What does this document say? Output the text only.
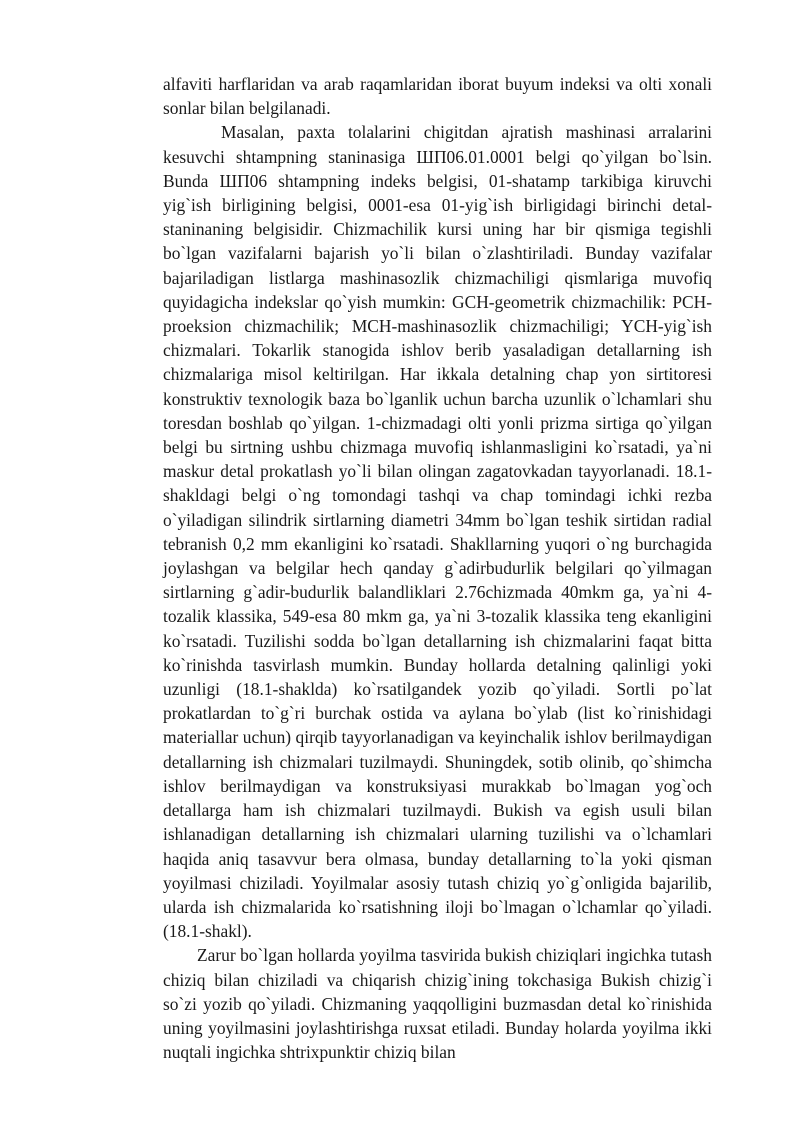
alfaviti harflaridan va arab raqamlaridan iborat buyum indeksi va olti xonali sonlar bilan belgilanadi.

Masalan, paxta tolalarini chigitdan ajratish mashinasi arralarini kesuvchi shtampning staninasiga ШП06.01.0001 belgi qo`yilgan bo`lsin. Bunda ШП06 shtampning indeks belgisi, 01-shatamp tarkibiga kiruvchi yig`ish birligining belgisi, 0001-esa 01-yig`ish birligidagi birinchi detal-staninaning belgisidir. Chizmachilik kursi uning har bir qismiga tegishli bo`lgan vazifalarni bajarish yo`li bilan o`zlashtiriladi. Bunday vazifalar bajariladigan listlarga mashinasozlik chizmachiligi qismlariga muvofiq quyidagicha indekslar qo`yish mumkin: GCH-geometrik chizmachilik: PCH-proeksion chizmachilik; MCH-mashinasozlik chizmachiligi; YCH-yig`ish chizmalari. Tokarlik stanogida ishlov berib yasaladigan detallarning ish chizmalariga misol keltirilgan. Har ikkala detalning chap yon sirtitoresi konstruktiv texnologik baza bo`lganlik uchun barcha uzunlik o`lchamlari shu toresdan boshlab qo`yilgan. 1-chizmadagi olti yonli prizma sirtiga qo`yilgan belgi bu sirtning ushbu chizmaga muvofiq ishlanmasligini ko`rsatadi, ya`ni maskur detal prokatlash yo`li bilan olingan zagatovkadan tayyorlanadi. 18.1-shakldagi belgi o`ng tomondagi tashqi va chap tomindagi ichki rezba o`yiladigan silindrik sirtlarning diametri 34mm bo`lgan teshik sirtidan radial tebranish 0,2 mm ekanligini ko`rsatadi. Shakllarning yuqori o`ng burchagida joylashgan va belgilar hech qanday g`adirbudurlik belgilari qo`yilmagan sirtlarning g`adir-budurlik balandliklari 2.76chizmada 40mkm ga, ya`ni 4-tozalik klassika, 549-esa 80 mkm ga, ya`ni 3-tozalik klassika teng ekanligini ko`rsatadi. Tuzilishi sodda bo`lgan detallarning ish chizmalarini faqat bitta ko`rinishda tasvirlash mumkin. Bunday hollarda detalning qalinligi yoki uzunligi (18.1-shaklda) ko`rsatilgandek yozib qo`yiladi. Sortli po`lat prokatlardan to`g`ri burchak ostida va aylana bo`ylab (list ko`rinishidagi materiallar uchun) qirqib tayyorlanadigan va keyinchalik ishlov berilmaydigan detallarning ish chizmalari tuzilmaydi. Shuningdek, sotib olinib, qo`shimcha ishlov berilmaydigan va konstruksiyasi murakkab bo`lmagan yog`och detallarga ham ish chizmalari tuzilmaydi. Bukish va egish usuli bilan ishlanadigan detallarning ish chizmalari ularning tuzilishi va o`lchamlari haqida aniq tasavvur bera olmasa, bunday detallarning to`la yoki qisman yoyilmasi chiziladi. Yoyilmalar asosiy tutash chiziq yo`g`onligida bajarilib, ularda ish chizmalarida ko`rsatishning iloji bo`lmagan o`lchamlar qo`yiladi. (18.1-shakl).

Zarur bo`lgan hollarda yoyilma tasvirida bukish chiziqlari ingichka tutash chiziq bilan chiziladi va chiqarish chizig`ining tokchasiga Bukish chizig`i so`zi yozib qo`yiladi. Chizmaning yaqqolligini buzmasdan detal ko`rinishida uning yoyilmasini joylashtirishga ruxsat etiladi. Bunday holarda yoyilma ikki nuqtali ingichka shtrixpunktir chiziq bilan
